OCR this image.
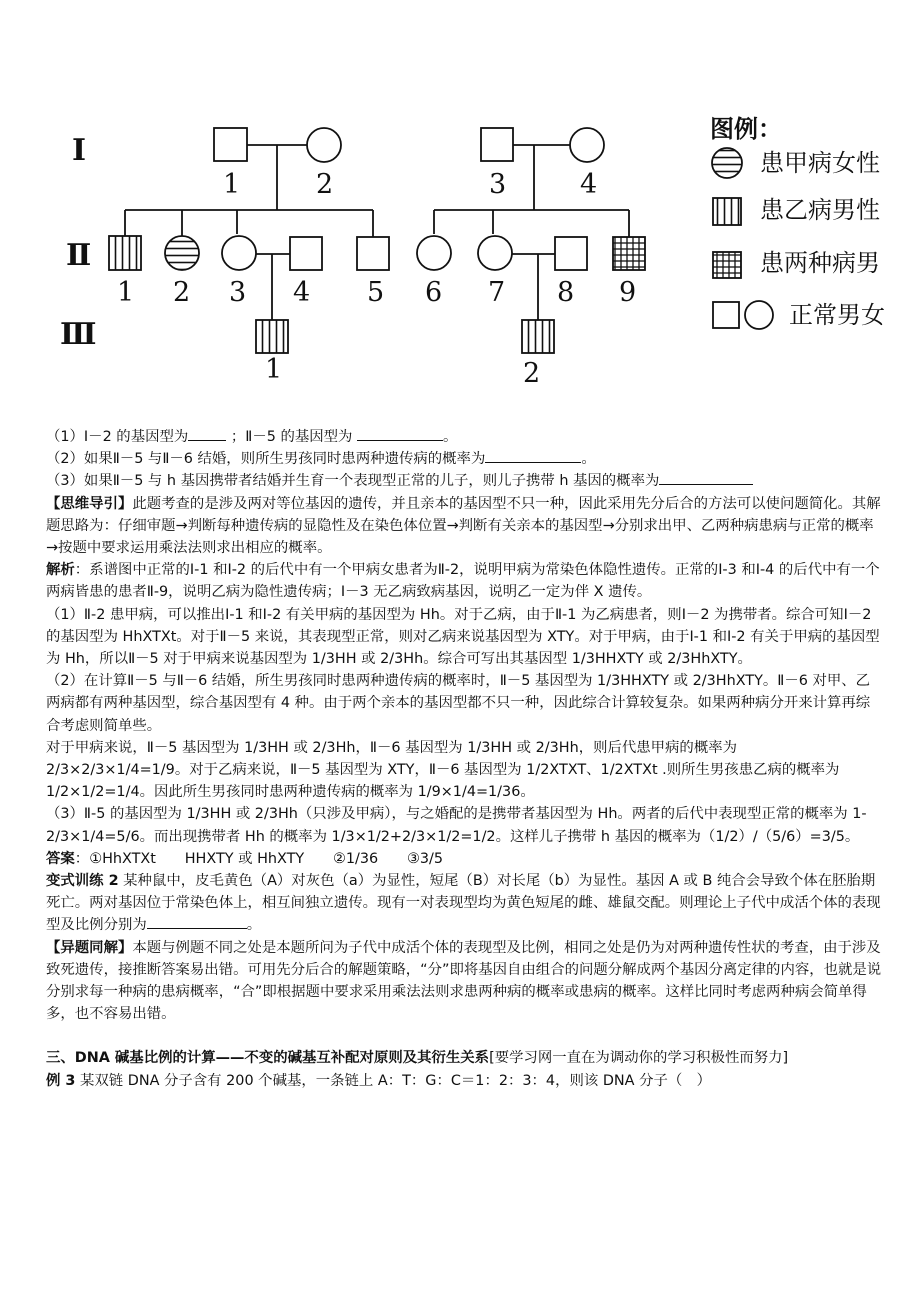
Ⅰ
Ⅱ
Ⅲ
1	2	3	4
1 2 3 4 5 6 7 8 9
1	2
图例：
患甲病女性
患乙病男性
患两种病男
正常男女

（1）Ⅰ－2 的基因型为	；Ⅱ－5 的基因型为	。

（2）如果Ⅱ－5 与Ⅱ－6 结婚，则所生男孩同时患两种遗传病的概率为	。

（3）如果Ⅱ－5 与 h 基因携带者结婚并生育一个表现型正常的儿子，则儿子携带 h 基因的概率为

【思维导引】此题考查的是涉及两对等位基因的遗传，并且亲本的基因型不只一种，因此采用先分后合的方法可以使问题简化。其解题思路为：仔细审题→判断每种遗传病的显隐性及在染色体位置→判断有关亲本的基因型→分别求出甲、乙两种病患病与正常的概率→按题中要求运用乘法法则求出相应的概率。

解析：系谱图中正常的Ⅰ-1 和Ⅰ-2 的后代中有一个甲病女患者为Ⅱ-2，说明甲病为常染色体隐性遗传。正常的Ⅰ-3 和Ⅰ-4 的后代中有一个两病皆患的患者Ⅱ-9，说明乙病为隐性遗传病；Ⅰ－3 无乙病致病基因，说明乙一定为伴 X 遗传。

（1）Ⅱ-2 患甲病，可以推出Ⅰ-1 和Ⅰ-2 有关甲病的基因型为 Hh。对于乙病，由于Ⅱ-1 为乙病患者，则Ⅰ－2 为携带者。综合可知Ⅰ－2 的基因型为 HhXTXt。对于Ⅱ－5 来说，其表现型正常，则对乙病来说基因型为 XTY。对于甲病，由于Ⅰ-1 和Ⅰ-2 有关于甲病的基因型为 Hh，所以Ⅱ－5 对于甲病来说基因型为 1/3HH 或 2/3Hh。综合可写出其基因型 1/3HHXTY 或 2/3HhXTY。

（2）在计算Ⅱ－5 与Ⅱ－6 结婚，所生男孩同时患两种遗传病的概率时，Ⅱ－5 基因型为 1/3HHXTY 或 2/3HhXTY。Ⅱ－6 对甲、乙两病都有两种基因型，综合基因型有 4 种。由于两个亲本的基因型都不只一种，因此综合计算较复杂。如果两种病分开来计算再综合考虑则简单些。

对于甲病来说，Ⅱ－5 基因型为 1/3HH 或 2/3Hh，Ⅱ－6 基因型为 1/3HH 或 2/3Hh，则后代患甲病的概率为 2/3×2/3×1/4=1/9。对于乙病来说，Ⅱ－5 基因型为 XTY，Ⅱ－6 基因型为 1/2XTXT、1/2XTXt .则所生男孩患乙病的概率为 1/2×1/2=1/4。因此所生男孩同时患两种遗传病的概率为 1/9×1/4=1/36。

（3）Ⅱ-5 的基因型为 1/3HH 或 2/3Hh（只涉及甲病），与之婚配的是携带者基因型为 Hh。两者的后代中表现型正常的概率为 1-2/3×1/4=5/6。而出现携带者 Hh 的概率为 1/3×1/2+2/3×1/2=1/2。这样儿子携带 h 基因的概率为（1/2）/（5/6）=3/5。

答案：①HhXTXt　　HHXTY 或 HhXTY　　②1/36　　③3/5

变式训练 2 某种鼠中，皮毛黄色（A）对灰色（a）为显性，短尾（B）对长尾（b）为显性。基因 A 或 B 纯合会导致个体在胚胎期死亡。两对基因位于常染色体上，相互间独立遗传。现有一对表现型均为黄色短尾的雌、雄鼠交配。则理论上子代中成活个体的表现型及比例分别为	。

【异题同解】本题与例题不同之处是本题所问为子代中成活个体的表现型及比例，相同之处是仍为对两种遗传性状的考查，由于涉及致死遗传，接推断答案易出错。可用先分后合的解题策略，“分”即将基因自由组合的问题分解成两个基因分离定律的内容，也就是说分别求每一种病的患病概率，“合”即根据题中要求采用乘法法则求患两种病的概率或患病的概率。这样比同时考虑两种病会简单得多，也不容易出错。

三、DNA 碱基比例的计算——不变的碱基互补配对原则及其衍生关系[要学习网一直在为调动你的学习积极性而努力]

例 3 某双链 DNA 分子含有 200 个碱基，一条链上 A：T：G：C＝1：2：3：4，则该 DNA 分子（　）
